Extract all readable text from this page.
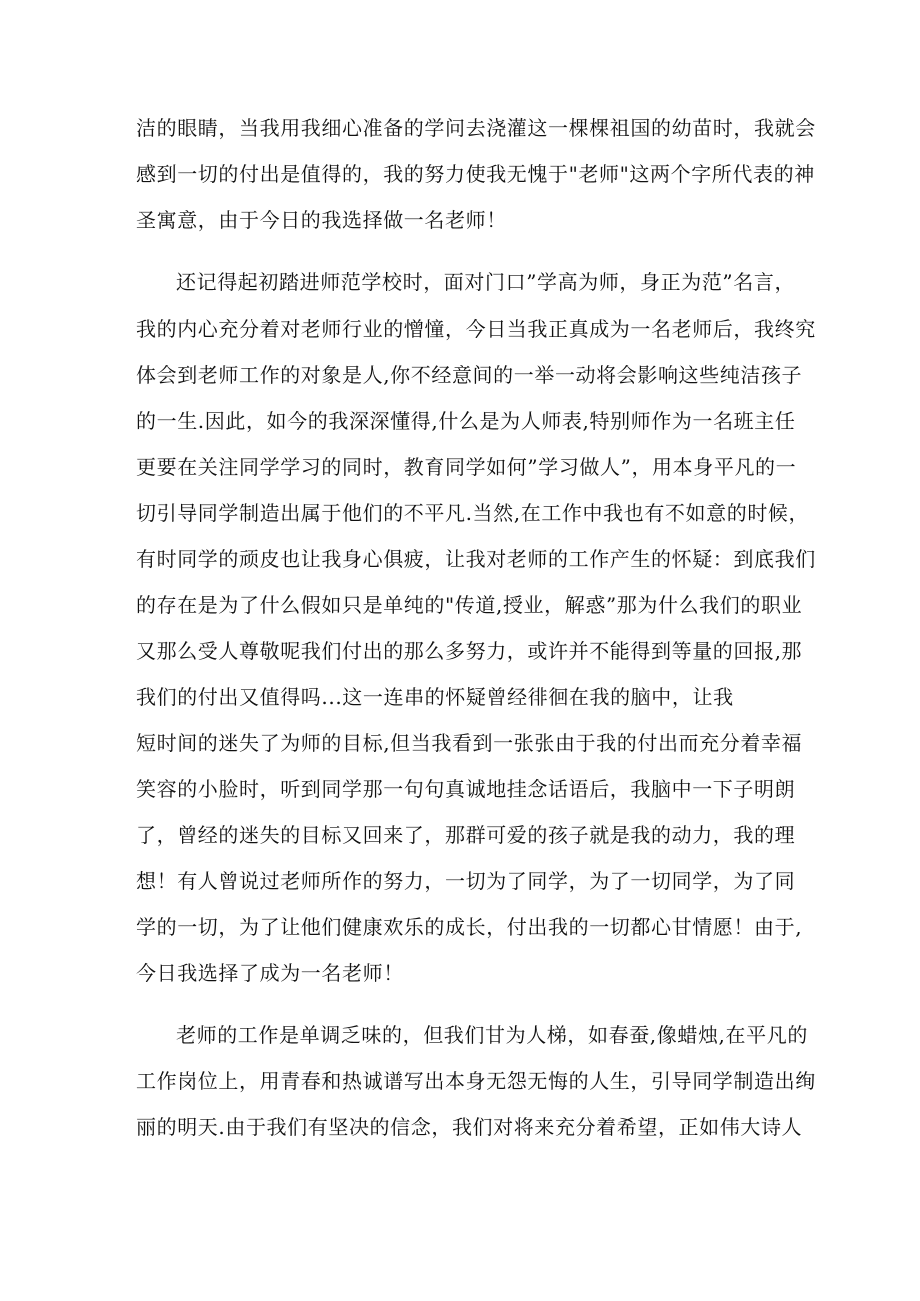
洁的眼睛，当我用我细心准备的学问去浇灌这一棵棵祖国的幼苗时，我就会
感到一切的付出是值得的，我的努力使我无愧于"老师"这两个字所代表的神
圣寓意，由于今日的我选择做一名老师！
还记得起初踏进师范学校时，面对门口”学高为师，身正为范”名言，
我的内心充分着对老师行业的憎憧，今日当我正真成为一名老师后，我终究
体会到老师工作的对象是人,你不经意间的一举一动将会影响这些纯洁孩子
的一生.因此，如今的我深深懂得,什么是为人师表,特别师作为一名班主任
更要在关注同学学习的同时，教育同学如何”学习做人”，用本身平凡的一
切引导同学制造出属于他们的不平凡.当然,在工作中我也有不如意的时候，
有时同学的顽皮也让我身心俱疲，让我对老师的工作产生的怀疑：到底我们
的存在是为了什么假如只是单纯的"传道,授业，解惑”那为什么我们的职业
又那么受人尊敬呢我们付出的那么多努力，或许并不能得到等量的回报,那
我们的付出又值得吗...这一连串的怀疑曾经徘徊在我的脑中，让我
短时间的迷失了为师的目标,但当我看到一张张由于我的付出而充分着幸福
笑容的小脸时，听到同学那一句句真诚地挂念话语后，我脑中一下子明朗
了，曾经的迷失的目标又回来了，那群可爱的孩子就是我的动力，我的理
想！有人曾说过老师所作的努力，一切为了同学，为了一切同学，为了同
学的一切，为了让他们健康欢乐的成长，付出我的一切都心甘情愿！由于,
今日我选择了成为一名老师！
老师的工作是单调乏味的，但我们甘为人梯，如春蚕,像蜡烛,在平凡的
工作岗位上，用青春和热诚谱写出本身无怨无悔的人生，引导同学制造出绚
丽的明天.由于我们有坚决的信念，我们对将来充分着希望，正如伟大诗人
